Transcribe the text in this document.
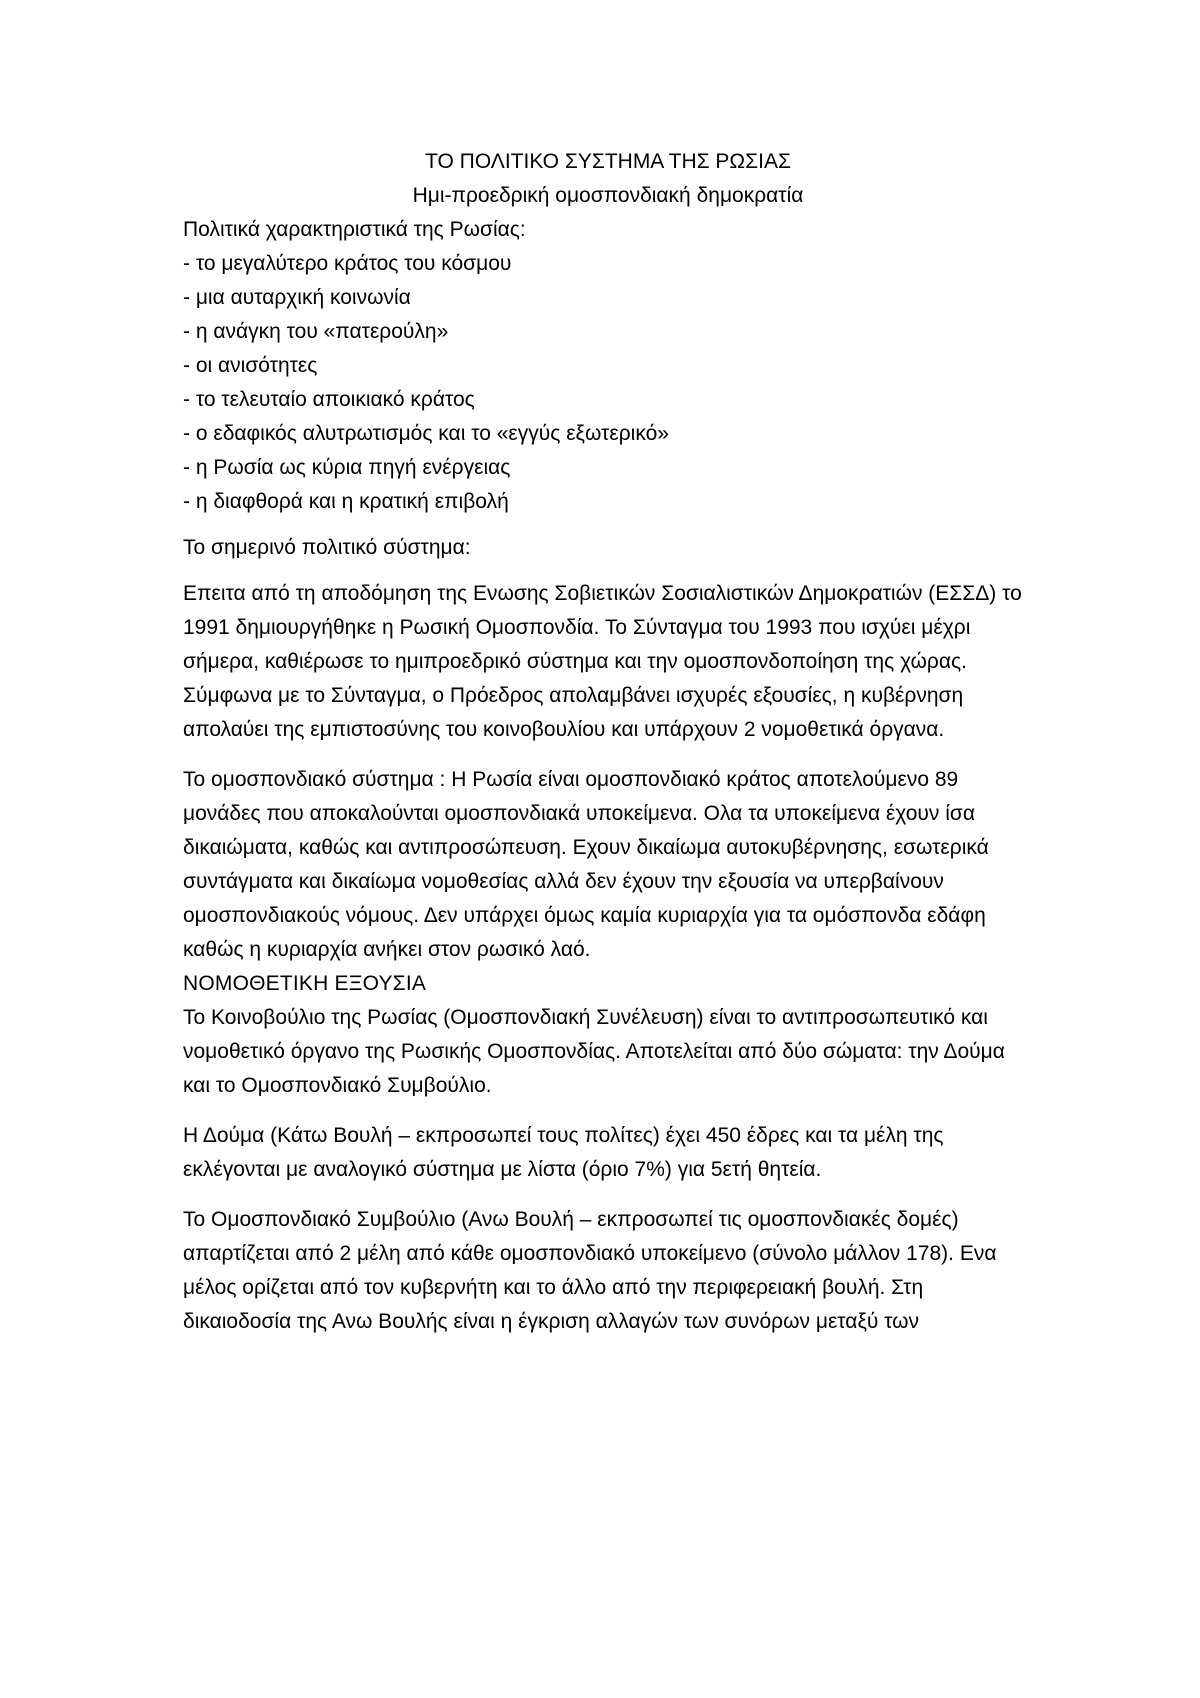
ΤΟ ΠΟΛΙΤΙΚΟ ΣΥΣΤΗΜΑ ΤΗΣ ΡΩΣΙΑΣ
Ημι-προεδρική ομοσπονδιακή δημοκρατία

Πολιτικά χαρακτηριστικά της Ρωσίας:

- το μεγαλύτερο κράτος του κόσμου
- μια αυταρχική κοινωνία
- η ανάγκη του «πατερούλη»
- οι ανισότητες
- το τελευταίο αποικιακό κράτος
- ο εδαφικός αλυτρωτισμός και το «εγγύς εξωτερικό»
- η Ρωσία ως κύρια πηγή ενέργειας
- η διαφθορά και η κρατική επιβολή

Το σημερινό πολιτικό σύστημα:

Επειτα από τη αποδόμηση της Ενωσης Σοβιετικών Σοσιαλιστικών Δημοκρατιών (ΕΣΣΔ) το 1991 δημιουργήθηκε η Ρωσική Ομοσπονδία. Το Σύνταγμα του 1993 που ισχύει μέχρι σήμερα, καθιέρωσε το ημιπροεδρικό σύστημα και την ομοσπονδοποίηση της χώρας. Σύμφωνα με το Σύνταγμα, ο Πρόεδρος απολαμβάνει ισχυρές εξουσίες, η κυβέρνηση απολαύει της εμπιστοσύνης του κοινοβουλίου και υπάρχουν 2 νομοθετικά όργανα.

Το ομοσπονδιακό σύστημα : Η Ρωσία είναι ομοσπονδιακό κράτος αποτελούμενο 89 μονάδες που αποκαλούνται ομοσπονδιακά υποκείμενα. Ολα τα υποκείμενα έχουν ίσα δικαιώματα, καθώς και αντιπροσώπευση. Εχουν δικαίωμα αυτοκυβέρνησης, εσωτερικά συντάγματα και δικαίωμα νομοθεσίας αλλά δεν έχουν την εξουσία να υπερβαίνουν ομοσπονδιακούς νόμους. Δεν υπάρχει όμως καμία κυριαρχία για τα ομόσπονδα εδάφη καθώς η κυριαρχία ανήκει στον ρωσικό λαό.

ΝΟΜΟΘΕΤΙΚΗ ΕΞΟΥΣΙΑ

Το Κοινοβούλιο της Ρωσίας (Ομοσπονδιακή Συνέλευση) είναι το αντιπροσωπευτικό και νομοθετικό όργανο της Ρωσικής Ομοσπονδίας. Αποτελείται από δύο σώματα: την Δούμα και το Ομοσπονδιακό Συμβούλιο.

Η Δούμα (Κάτω Βουλή – εκπροσωπεί τους πολίτες) έχει 450 έδρες και τα μέλη της εκλέγονται με αναλογικό σύστημα με λίστα (όριο 7%) για 5ετή θητεία.

Το Ομοσπονδιακό Συμβούλιο (Ανω Βουλή – εκπροσωπεί τις ομοσπονδιακές δομές) απαρτίζεται από 2 μέλη από κάθε ομοσπονδιακό υποκείμενο (σύνολο μάλλον 178). Ενα μέλος ορίζεται από τον κυβερνήτη και το άλλο από την περιφερειακή βουλή. Στη δικαιοδοσία της Ανω Βουλής είναι η έγκριση αλλαγών των συνόρων μεταξύ των
